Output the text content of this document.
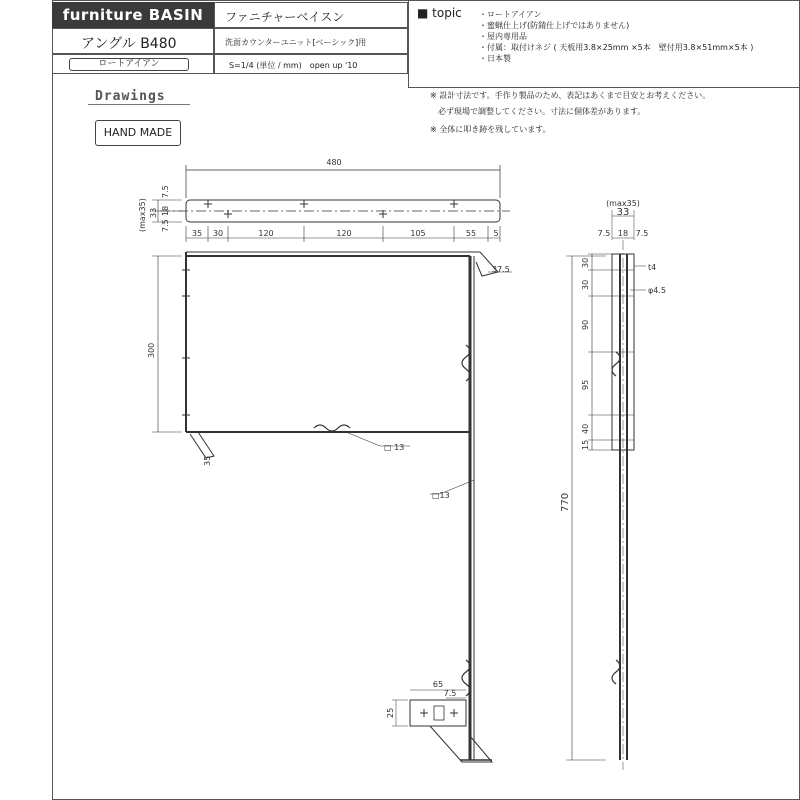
furniture BASIN	ファニチャーベイスン
アングル B480	洗面カウンターユニット[ベーシック]用
ロートアイアン	S=1/4 (単位 / mm)　open up '10
■ topic ・ロートアイアン
・蜜蝋仕上げ(防錆仕上げではありません)
・屋内専用品
・付属：取付けネジ ( 天板用3.8×25mm ×5本　壁付用3.8×51mm×5本 )
・日本製
Drawings
HAND MADE
※ 設計寸法です。手作り製品のため、表記はあくまで目安とお考えください。
必ず現場で調整してください。寸法に個体差があります。
※ 全体に叩き跡を残しています。
480
(max35) 33
7.5
18
7.5
35 30	120	120	105	55 5
37.5
300
35
□ 13
□13
(max35)
33
7.5 18 7.5
t4
φ4.5
30
30
90
95
40
15
770
65
7.5
25
